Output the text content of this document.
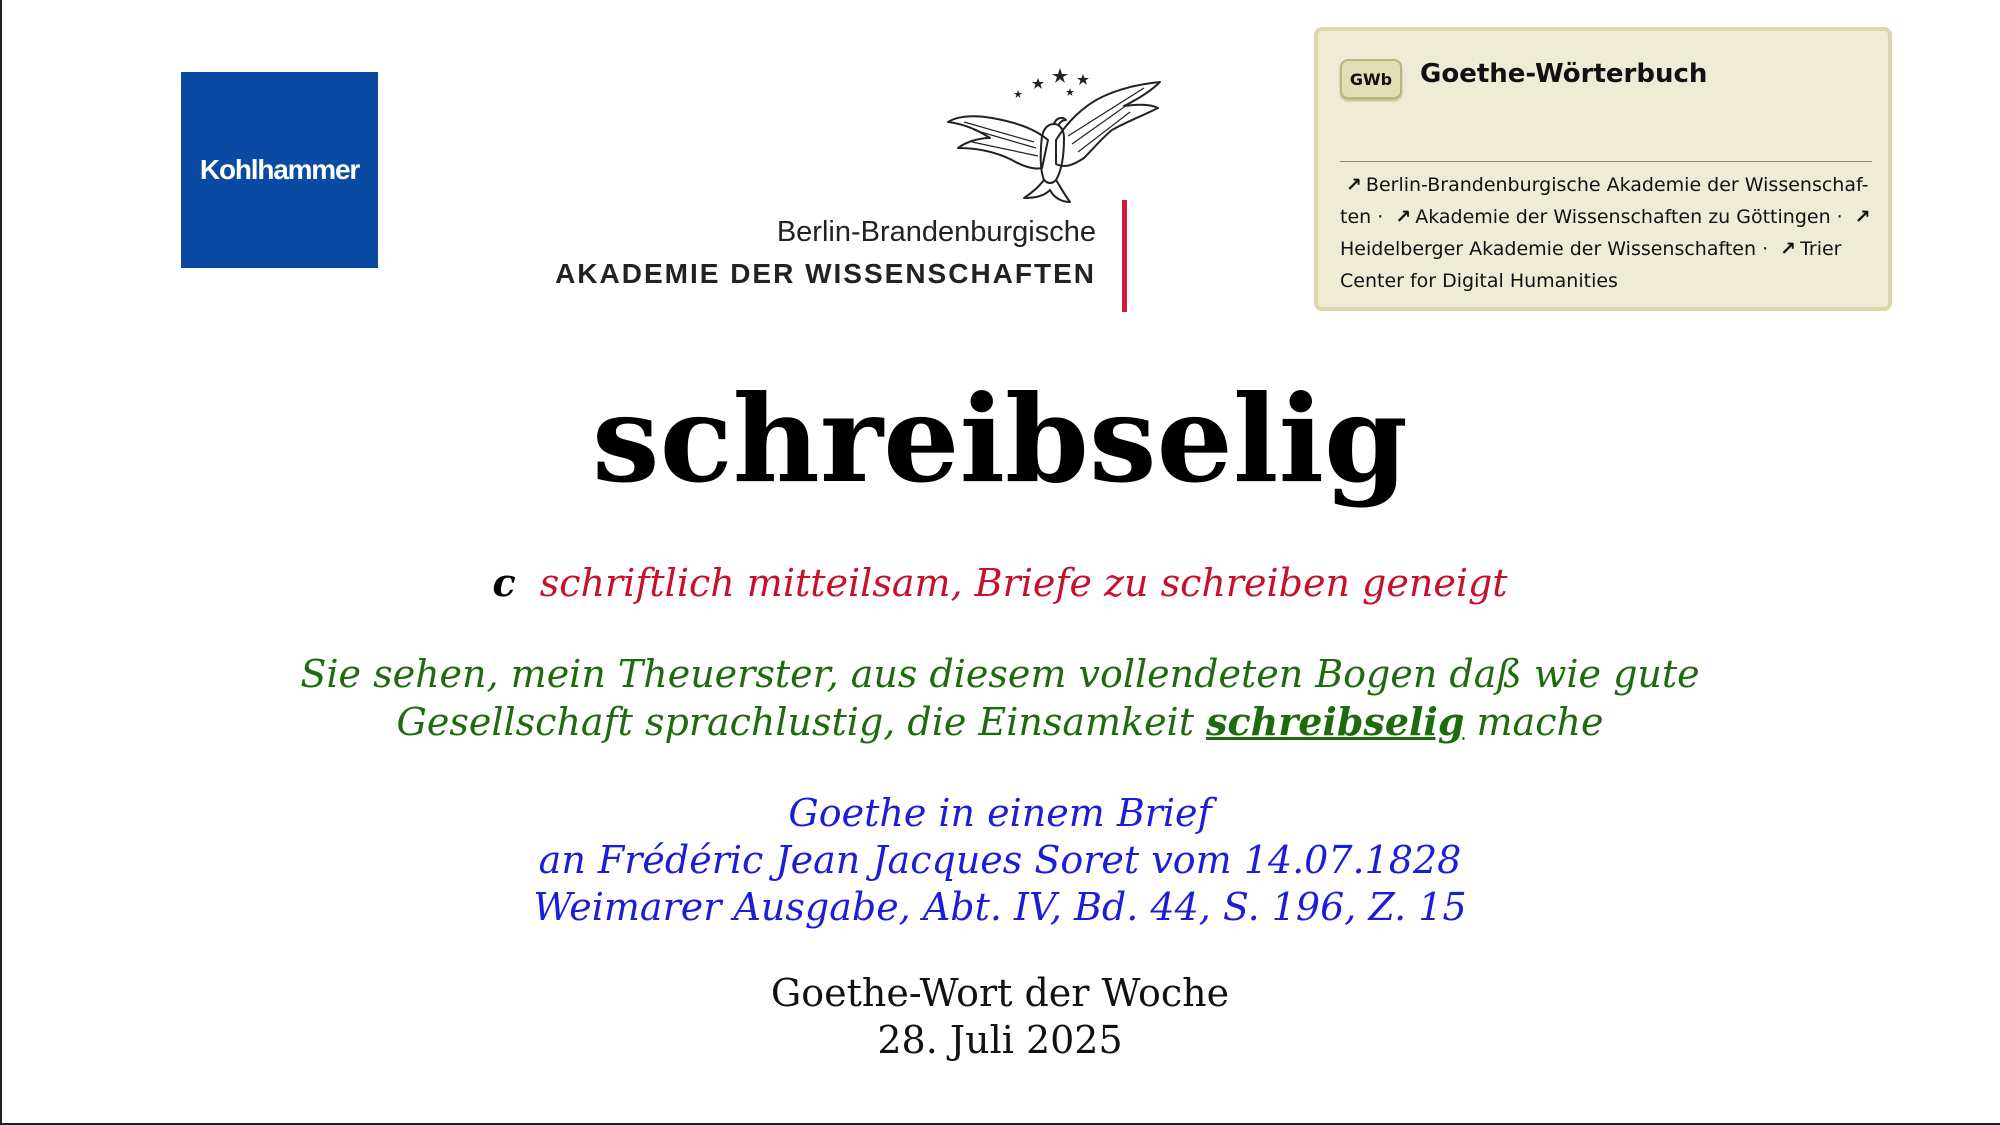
Kohlhammer
Berlin-Brandenburgische
AKADEMIE DER WISSENSCHAFTEN
GWb	Goethe-Wörterbuch
↗ Berlin-Brandenburgische Akademie der Wissenschaf-ten · ↗ Akademie der Wissenschaften zu Göttingen · ↗Heidelberger Akademie der Wissenschaften · ↗ Trier Center for Digital Humanities
schreibselig
c schriftlich mitteilsam, Briefe zu schreiben geneigt
Sie sehen, mein Theuerster, aus diesem vollendeten Bogen daß wie gute
Gesellschaft sprachlustig, die Einsamkeit schreibselig mache
Goethe in einem Brief
an Frédéric Jean Jacques Soret vom 14.07.1828
Weimarer Ausgabe, Abt. IV, Bd. 44, S. 196, Z. 15
Goethe-Wort der Woche
28. Juli 2025
